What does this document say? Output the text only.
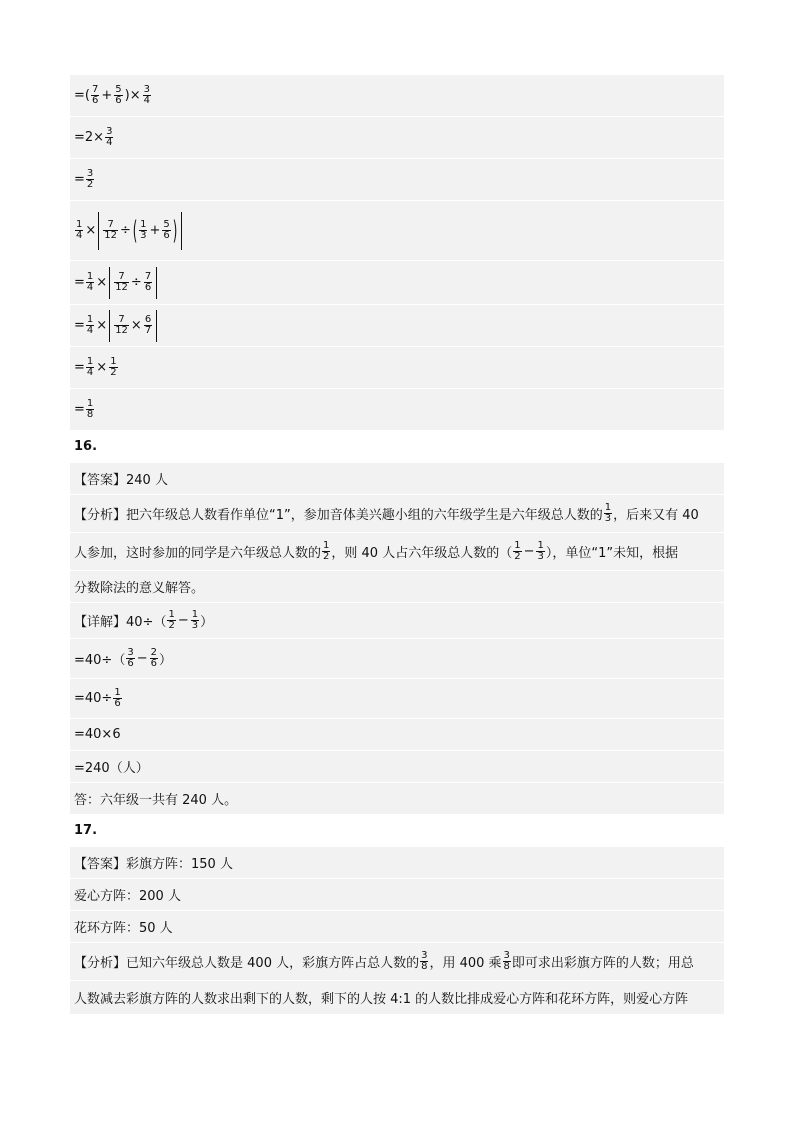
=( $\frac{7}{6} + \frac{5}{6}$ )× $\frac{3}{4}$
$=2\times \frac{3}{4}$
= $\frac{3}{2}$
$\frac{1}{4} \times \frac{7}{12}$ ÷ ( $\frac{1}{3} + \frac{5}{6}$ )
= $\frac{1}{4} \times \frac{7}{12} \div \frac{7}{6}$
= $\frac{1}{4} \times \frac{7}{12} \times \frac{6}{7}$
= $\frac{1}{4} \times \frac{1}{2}$
= $\frac{1}{8}$
16.
【答案】 240 人
【分析】 把六年级总人数看作单位“1”，参加音体美兴趣小组的六年级学生是六年级总人数的 $\frac{1}{3}$ ，后来又有 40
人参加，这时参加的同学是六年级总人数的 $\frac{1}{2}$ ，则 40 人占六年级总人数的（ $\frac{1}{2} - \frac{1}{3}$ ），单位“1”未知，根据
分数除法的意义解答。
【详解】 $40\div( \frac{1}{2} - \frac{1}{3}$ ）
$=40\div( \frac{3}{6} - \frac{2}{6}$ ）
$=40\div \frac{1}{6}$
=40×6
=240（人）
答：六年级一共有 240 人。
17.
【答案】 彩旗方阵：150 人
爱心方阵：200 人
花环方阵：50 人
【分析】 已知六年级总人数是 400 人，彩旗方阵占总人数的 $\frac{3}{8}$ ，用 400 乘 $\frac{3}{8}$ 即可求出彩旗方阵的人数；用总
人数减去彩旗方阵的人数求出剩下的人数，剩下的人按 4:1 的人数比排成爱心方阵和花环方阵，则爱心方阵
